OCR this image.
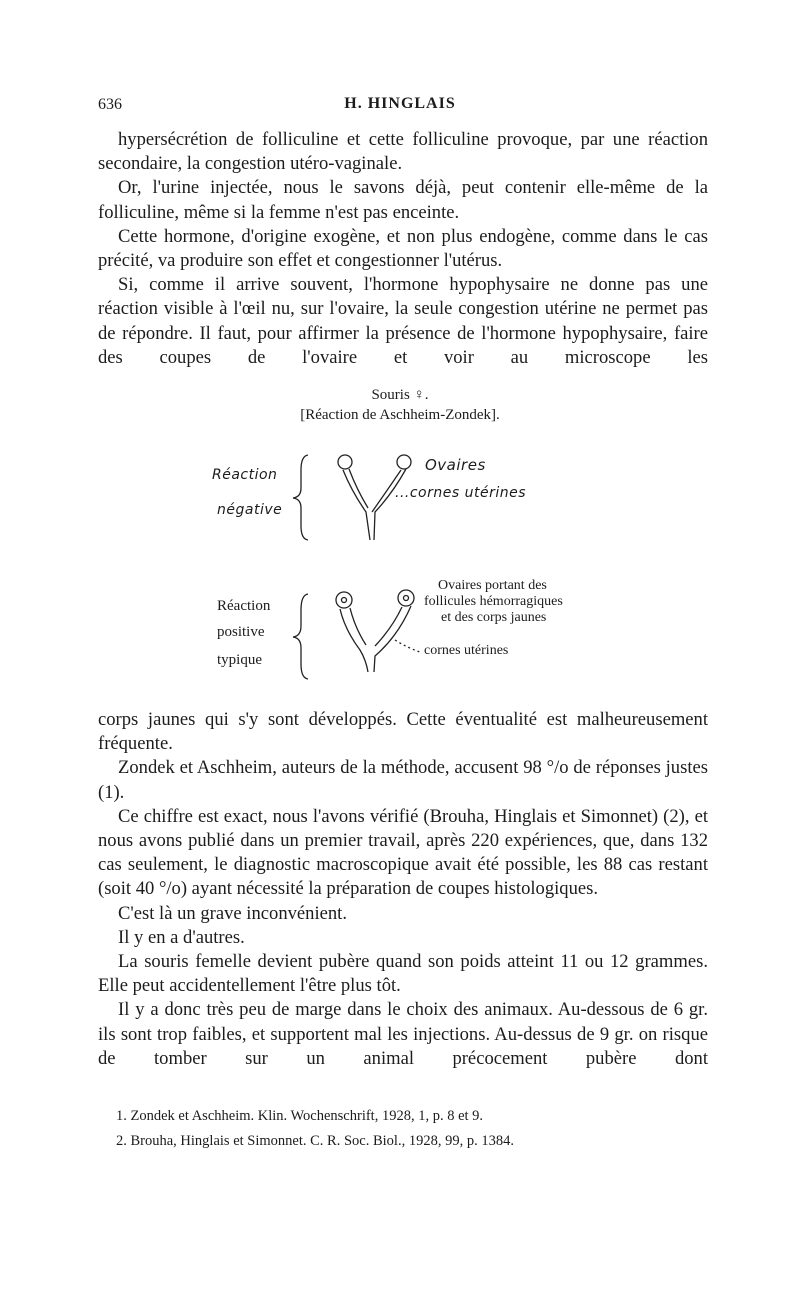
636	H. HINGLAIS

hypersécrétion de folliculine et cette folliculine provoque, par une réaction secondaire, la congestion utéro-vaginale.

Or, l'urine injectée, nous le savons déjà, peut contenir elle-même de la folliculine, même si la femme n'est pas enceinte.

Cette hormone, d'origine exogène, et non plus endogène, comme dans le cas précité, va produire son effet et congestionner l'utérus.

Si, comme il arrive souvent, l'hormone hypophysaire ne donne pas une réaction visible à l'œil nu, sur l'ovaire, la seule congestion utérine ne permet pas de répondre. Il faut, pour affirmer la présence de l'hormone hypophysaire, faire des coupes de l'ovaire et voir au microscope les

Souris ♀.
[Réaction de Aschheim-Zondek].
Réaction
négative
Ovaires
...cornes utérines
Réaction
positive
typique
Ovaires portant des
follicules hémorragiques
et des corps jaunes
cornes utérines

corps jaunes qui s'y sont développés. Cette éventualité est malheureusement fréquente.

Zondek et Aschheim, auteurs de la méthode, accusent 98 °/o de réponses justes (1).

Ce chiffre est exact, nous l'avons vérifié (Brouha, Hinglais et Simonnet) (2), et nous avons publié dans un premier travail, après 220 expériences, que, dans 132 cas seulement, le diagnostic macroscopique avait été possible, les 88 cas restant (soit 40 °/o) ayant nécessité la préparation de coupes histologiques.

C'est là un grave inconvénient.

Il y en a d'autres.

La souris femelle devient pubère quand son poids atteint 11 ou 12 grammes. Elle peut accidentellement l'être plus tôt.

Il y a donc très peu de marge dans le choix des animaux. Au-dessous de 6 gr. ils sont trop faibles, et supportent mal les injections. Au-dessus de 9 gr. on risque de tomber sur un animal précocement pubère dont

1. Zondek et Aschheim. Klin. Wochenschrift, 1928, 1, p. 8 et 9.
2. Brouha, Hinglais et Simonnet. C. R. Soc. Biol., 1928, 99, p. 1384.
